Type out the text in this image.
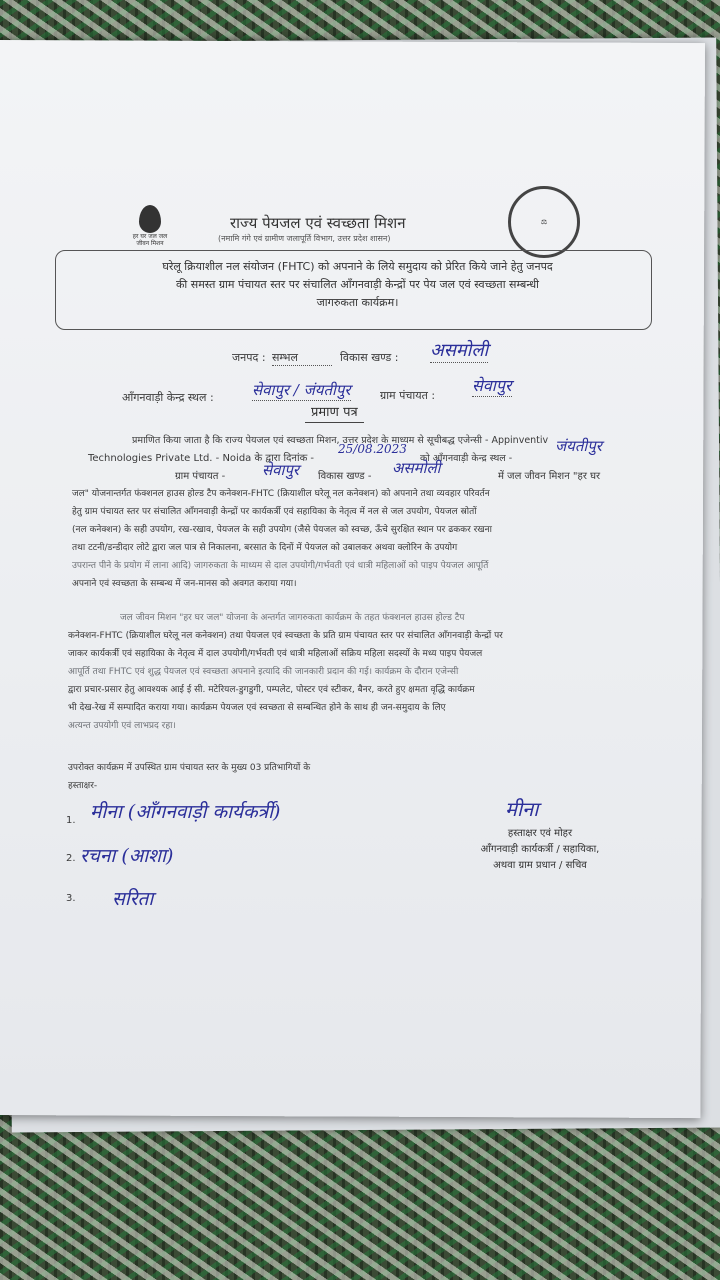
हर घर जल जल जीवन मिशन
⚖
राज्य पेयजल एवं स्वच्छता मिशन
(नमामि गंगे एवं ग्रामीण जलापूर्ति विभाग, उत्तर प्रदेश शासन)
घरेलू क्रियाशील नल संयोजन (FHTC) को अपनाने के लिये समुदाय को प्रेरित किये जाने हेतु जनपद
की समस्त ग्राम पंचायत स्तर पर संचालित आँगनवाड़ी केन्द्रों पर पेय जल एवं स्वच्छता सम्बन्धी
जागरुकता कार्यक्रम।
जनपद : सम्भल	विकास खण्ड : असमोली
आँगनवाड़ी केन्द्र स्थल :	सेवापुर / जंयतीपुर	ग्राम पंचायत :
सेवापुर
प्रमाण पत्र
प्रमाणित किया जाता है कि राज्य पेयजल एवं स्वच्छता मिशन, उत्तर प्रदेश के माध्यम से सूचीबद्ध एजेन्सी - Appinventiv
Technologies Private Ltd. - Noida के द्वारा दिनांक -
25/08.2023
को आँगनवाड़ी केन्द्र स्थल -
जंयतीपुर
ग्राम पंचायत - सेवापुर विकास खण्ड - असमोली	में जल जीवन मिशन "हर घर
जल" योजनान्तर्गत फंक्शनल हाउस होल्ड टैप कनेक्शन-FHTC (क्रियाशील घरेलू नल कनेक्शन) को अपनाने तथा व्यवहार परिवर्तन
हेतु ग्राम पंचायत स्तर पर संचालित आँगनवाड़ी केन्द्रों पर कार्यकर्त्री एवं सहायिका के नेतृत्व में नल से जल उपयोग, पेयजल स्रोतों
(नल कनेक्शन) के सही उपयोग, रख-रखाव, पेयजल के सही उपयोग (जैसे पेयजल को स्वच्छ, ऊँचे सुरक्षित स्थान पर ढककर रखना
तथा टटनी/डन्डीदार लोटे द्वारा जल पात्र से निकालना, बरसात के दिनों में पेयजल को उबालकर अथवा क्लोरिन के उपयोग
उपरान्त पीने के प्रयोग में लाना आदि) जागरुकता के माध्यम से दाल उपयोगी/गर्भवती एवं धात्री महिलाओं को पाइप पेयजल आपूर्ति
अपनाने एवं स्वच्छता के सम्बन्ध में जन-मानस को अवगत कराया गया।
जल जीवन मिशन "हर घर जल" योजना के अन्तर्गत जागरुकता कार्यक्रम के तहत फंक्शनल हाउस होल्ड टैप
कनेक्शन-FHTC (क्रियाशील घरेलू नल कनेक्शन) तथा पेयजल एवं स्वच्छता के प्रति ग्राम पंचायत स्तर पर संचालित आँगनवाड़ी केन्द्रों पर
जाकर कार्यकर्त्री एवं सहायिका के नेतृत्व में दाल उपयोगी/गर्भवती एवं धात्री महिलाओं सक्रिय महिला सदस्यों के मध्य पाइप पेयजल
आपूर्ति तथा FHTC एवं शुद्ध पेयजल एवं स्वच्छता अपनाने इत्यादि की जानकारी प्रदान की गई। कार्यक्रम के दौरान एजेन्सी
द्वारा प्रचार-प्रसार हेतु आवश्यक आई ई सी. मटेरियल-डुगडुगी, पम्पलेट, पोस्टर एवं स्टीकर, बैनर, करते हुए क्षमता वृद्धि कार्यक्रम
भी देख-रेख में सम्पादित कराया गया। कार्यक्रम पेयजल एवं स्वच्छता से सम्बन्धित होने के साथ ही जन-समुदाय के लिए
अत्यन्त उपयोगी एवं लाभप्रद रहा।
उपरोक्त कार्यक्रम में उपस्थित ग्राम पंचायत स्तर के मुख्य 03 प्रतिभागियों के
हस्ताक्षर-
1. मीना (आँगनवाड़ी कार्यकर्त्री)
2. रचना (आशा)
3. सरिता
मीना
हस्ताक्षर एवं मोहर
आँगनवाड़ी कार्यकर्त्री / सहायिका,
अथवा ग्राम प्रधान / सचिव
